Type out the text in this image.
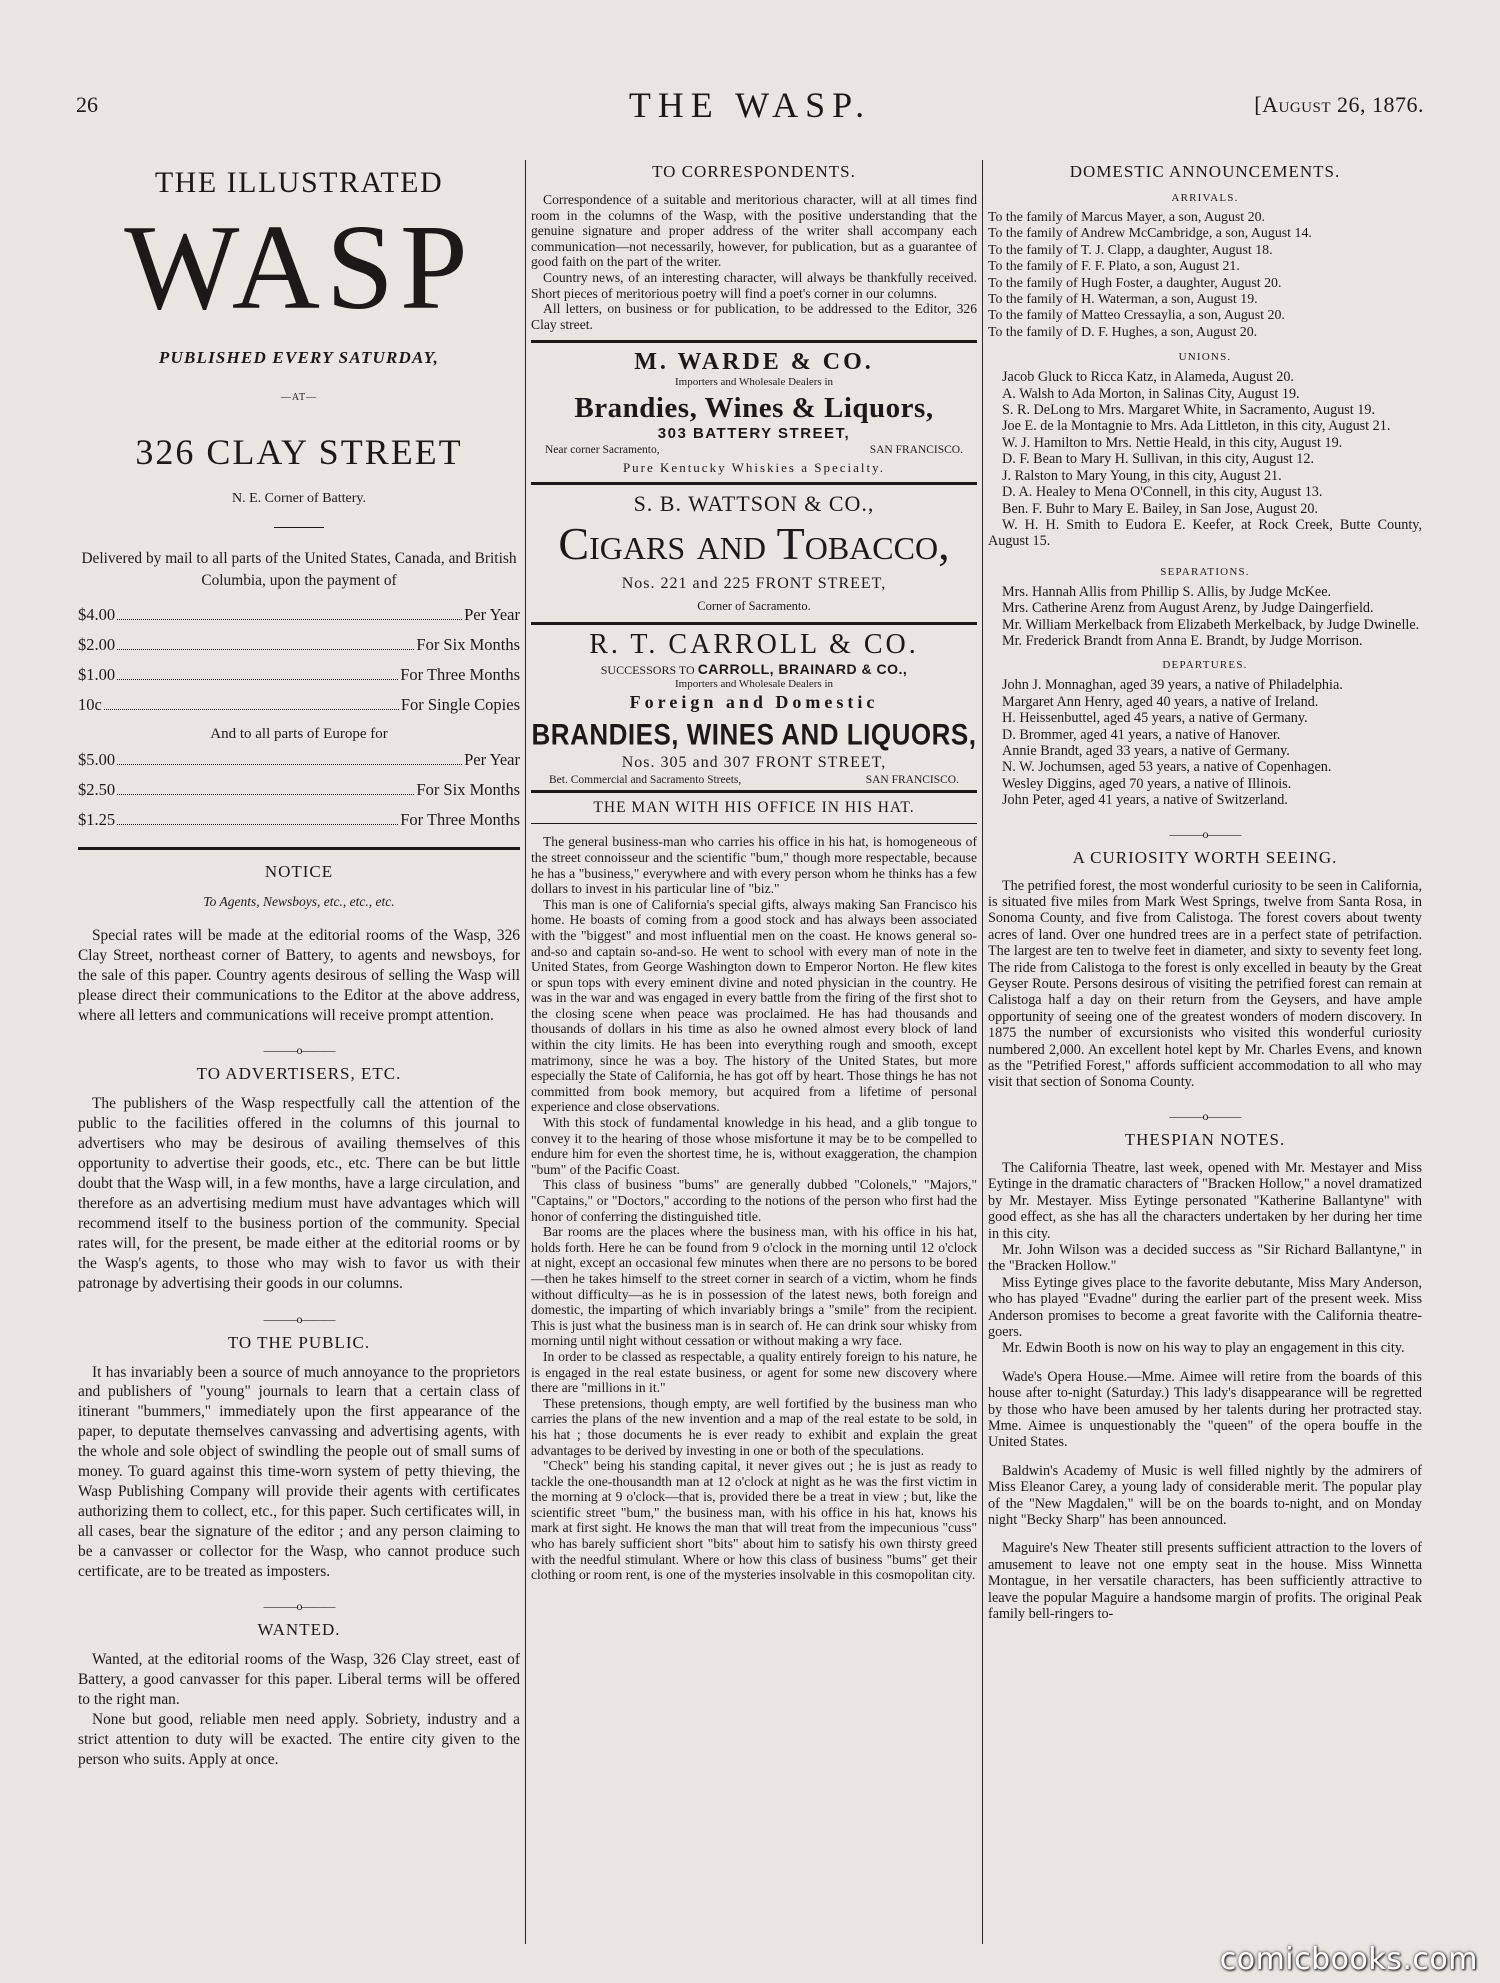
26	THE WASP.	[August 26, 1876.
THE ILLUSTRATED
WASP
PUBLISHED EVERY SATURDAY,
—AT—
326 CLAY STREET
N. E. Corner of Battery.
Delivered by mail to all parts of the United States, Canada, and British Columbia, upon the payment of
$4.00	Per Year
$2.00	For Six Months
$1.00	For Three Months
10c	For Single Copies
And to all parts of Europe for
$5.00	Per Year
$2.50	For Six Months
$1.25	For Three Months
NOTICE
To Agents, Newsboys, etc., etc., etc.

Special rates will be made at the editorial rooms of the Wasp, 326 Clay Street, northeast corner of Battery, to agents and newsboys, for the sale of this paper. Country agents desirous of selling the Wasp will please direct their communications to the Editor at the above address, where all letters and communications will receive prompt attention.

———o———
TO ADVERTISERS, ETC.

The publishers of the Wasp respectfully call the attention of the public to the facilities offered in the columns of this journal to advertisers who may be desirous of availing themselves of this opportunity to advertise their goods, etc., etc. There can be but little doubt that the Wasp will, in a few months, have a large circulation, and therefore as an advertising medium must have advantages which will recommend itself to the business portion of the community. Special rates will, for the present, be made either at the editorial rooms or by the Wasp's agents, to those who may wish to favor us with their patronage by advertising their goods in our columns.

———o———
TO THE PUBLIC.

It has invariably been a source of much annoyance to the proprietors and publishers of "young" journals to learn that a certain class of itinerant "bummers," immediately upon the first appearance of the paper, to deputate themselves canvassing and advertising agents, with the whole and sole object of swindling the people out of small sums of money. To guard against this time-worn system of petty thieving, the Wasp Publishing Company will provide their agents with certificates authorizing them to collect, etc., for this paper. Such certificates will, in all cases, bear the signature of the editor ; and any person claiming to be a canvasser or collector for the Wasp, who cannot produce such certificate, are to be treated as imposters.

———o———
WANTED.

Wanted, at the editorial rooms of the Wasp, 326 Clay street, east of Battery, a good canvasser for this paper. Liberal terms will be offered to the right man.

None but good, reliable men need apply. Sobriety, industry and a strict attention to duty will be exacted. The entire city given to the person who suits. Apply at once.

TO CORRESPONDENTS.

Correspondence of a suitable and meritorious character, will at all times find room in the columns of the Wasp, with the positive understanding that the genuine signature and proper address of the writer shall accompany each communication—not necessarily, however, for publication, but as a guarantee of good faith on the part of the writer.

Country news, of an interesting character, will always be thankfully received. Short pieces of meritorious poetry will find a poet's corner in our columns.

All letters, on business or for publication, to be addressed to the Editor, 326 Clay street.

M. WARDE & CO.
Importers and Wholesale Dealers in
Brandies, Wines & Liquors,
303 BATTERY STREET,
Near corner Sacramento,	SAN FRANCISCO.
Pure Kentucky Whiskies a Specialty.
S. B. WATTSON & CO.,
Cigars and Tobacco,
Nos. 221 and 225 FRONT STREET,
Corner of Sacramento.
R. T. CARROLL & CO.
SUCCESSORS TO CARROLL, BRAINARD & CO.,
Importers and Wholesale Dealers in
Foreign and Domestic
BRANDIES, WINES AND LIQUORS,
Nos. 305 and 307 FRONT STREET,
Bet. Commercial and Sacramento Streets,	SAN FRANCISCO.
THE MAN WITH HIS OFFICE IN HIS HAT.

The general business-man who carries his office in his hat, is homogeneous of the street connoisseur and the scientific "bum," though more respectable, because he has a "business," everywhere and with every person whom he thinks has a few dollars to invest in his particular line of "biz."

This man is one of California's special gifts, always making San Francisco his home. He boasts of coming from a good stock and has always been associated with the "biggest" and most influential men on the coast. He knows general so-and-so and captain so-and-so. He went to school with every man of note in the United States, from George Washington down to Emperor Norton. He flew kites or spun tops with every eminent divine and noted physician in the country. He was in the war and was engaged in every battle from the firing of the first shot to the closing scene when peace was proclaimed. He has had thousands and thousands of dollars in his time as also he owned almost every block of land within the city limits. He has been into everything rough and smooth, except matrimony, since he was a boy. The history of the United States, but more especially the State of California, he has got off by heart. Those things he has not committed from book memory, but acquired from a lifetime of personal experience and close observations.

With this stock of fundamental knowledge in his head, and a glib tongue to convey it to the hearing of those whose misfortune it may be to be compelled to endure him for even the shortest time, he is, without exaggeration, the champion "bum" of the Pacific Coast.

This class of business "bums" are generally dubbed "Colonels," "Majors," "Captains," or "Doctors," according to the notions of the person who first had the honor of conferring the distinguished title.

Bar rooms are the places where the business man, with his office in his hat, holds forth. Here he can be found from 9 o'clock in the morning until 12 o'clock at night, except an occasional few minutes when there are no persons to be bored—then he takes himself to the street corner in search of a victim, whom he finds without difficulty—as he is in possession of the latest news, both foreign and domestic, the imparting of which invariably brings a "smile" from the recipient. This is just what the business man is in search of. He can drink sour whisky from morning until night without cessation or without making a wry face.

In order to be classed as respectable, a quality entirely foreign to his nature, he is engaged in the real estate business, or agent for some new discovery where there are "millions in it."

These pretensions, though empty, are well fortified by the business man who carries the plans of the new invention and a map of the real estate to be sold, in his hat ; those documents he is ever ready to exhibit and explain the great advantages to be derived by investing in one or both of the speculations.

"Check" being his standing capital, it never gives out ; he is just as ready to tackle the one-thousandth man at 12 o'clock at night as he was the first victim in the morning at 9 o'clock—that is, provided there be a treat in view ; but, like the scientific street "bum," the business man, with his office in his hat, knows his mark at first sight. He knows the man that will treat from the impecunious "cuss" who has barely sufficient short "bits" about him to satisfy his own thirsty greed with the needful stimulant. Where or how this class of business "bums" get their clothing or room rent, is one of the mysteries insolvable in this cosmopolitan city.

DOMESTIC ANNOUNCEMENTS.
ARRIVALS.
To the family of Marcus Mayer, a son, August 20.
To the family of Andrew McCambridge, a son, August 14.
To the family of T. J. Clapp, a daughter, August 18.
To the family of F. F. Plato, a son, August 21.
To the family of Hugh Foster, a daughter, August 20.
To the family of H. Waterman, a son, August 19.
To the family of Matteo Cressaylia, a son, August 20.
To the family of D. F. Hughes, a son, August 20.
UNIONS.

Jacob Gluck to Ricca Katz, in Alameda, August 20.

A. Walsh to Ada Morton, in Salinas City, August 19.

S. R. DeLong to Mrs. Margaret White, in Sacramento, August 19.

Joe E. de la Montagnie to Mrs. Ada Littleton, in this city, August 21.

W. J. Hamilton to Mrs. Nettie Heald, in this city, August 19.

D. F. Bean to Mary H. Sullivan, in this city, August 12.

J. Ralston to Mary Young, in this city, August 21.

D. A. Healey to Mena O'Connell, in this city, August 13.

Ben. F. Buhr to Mary E. Bailey, in San Jose, August 20.

W. H. H. Smith to Eudora E. Keefer, at Rock Creek, Butte County, August 15.

SEPARATIONS.

Mrs. Hannah Allis from Phillip S. Allis, by Judge McKee.

Mrs. Catherine Arenz from August Arenz, by Judge Daingerfield.

Mr. William Merkelback from Elizabeth Merkelback, by Judge Dwinelle.

Mr. Frederick Brandt from Anna E. Brandt, by Judge Morrison.

DEPARTURES.

John J. Monnaghan, aged 39 years, a native of Philadelphia.

Margaret Ann Henry, aged 40 years, a native of Ireland.

H. Heissenbuttel, aged 45 years, a native of Germany.

D. Brommer, aged 41 years, a native of Hanover.

Annie Brandt, aged 33 years, a native of Germany.

N. W. Jochumsen, aged 53 years, a native of Copenhagen.

Wesley Diggins, aged 70 years, a native of Illinois.

John Peter, aged 41 years, a native of Switzerland.

———o———
A CURIOSITY WORTH SEEING.

The petrified forest, the most wonderful curiosity to be seen in California, is situated five miles from Mark West Springs, twelve from Santa Rosa, in Sonoma County, and five from Calistoga. The forest covers about twenty acres of land. Over one hundred trees are in a perfect state of petrifaction. The largest are ten to twelve feet in diameter, and sixty to seventy feet long. The ride from Calistoga to the forest is only excelled in beauty by the Great Geyser Route. Persons desirous of visiting the petrified forest can remain at Calistoga half a day on their return from the Geysers, and have ample opportunity of seeing one of the greatest wonders of modern discovery. In 1875 the number of excursionists who visited this wonderful curiosity numbered 2,000. An excellent hotel kept by Mr. Charles Evens, and known as the "Petrified Forest," affords sufficient accommodation to all who may visit that section of Sonoma County.

———o———
THESPIAN NOTES.

The California Theatre, last week, opened with Mr. Mestayer and Miss Eytinge in the dramatic characters of "Bracken Hollow," a novel dramatized by Mr. Mestayer. Miss Eytinge personated "Katherine Ballantyne" with good effect, as she has all the characters undertaken by her during her time in this city.

Mr. John Wilson was a decided success as "Sir Richard Ballantyne," in the "Bracken Hollow."

Miss Eytinge gives place to the favorite debutante, Miss Mary Anderson, who has played "Evadne" during the earlier part of the present week. Miss Anderson promises to become a great favorite with the California theatre-goers.

Mr. Edwin Booth is now on his way to play an engagement in this city.

Wade's Opera House.—Mme. Aimee will retire from the boards of this house after to-night (Saturday.) This lady's disappearance will be regretted by those who have been amused by her talents during her protracted stay. Mme. Aimee is unquestionably the "queen" of the opera bouffe in the United States.

Baldwin's Academy of Music is well filled nightly by the admirers of Miss Eleanor Carey, a young lady of considerable merit. The popular play of the "New Magdalen," will be on the boards to-night, and on Monday night "Becky Sharp" has been announced.

Maguire's New Theater still presents sufficient attraction to the lovers of amusement to leave not one empty seat in the house. Miss Winnetta Montague, in her versatile characters, has been sufficiently attractive to leave the popular Maguire a handsome margin of profits. The original Peak family bell-ringers to-

comicbooks.com
